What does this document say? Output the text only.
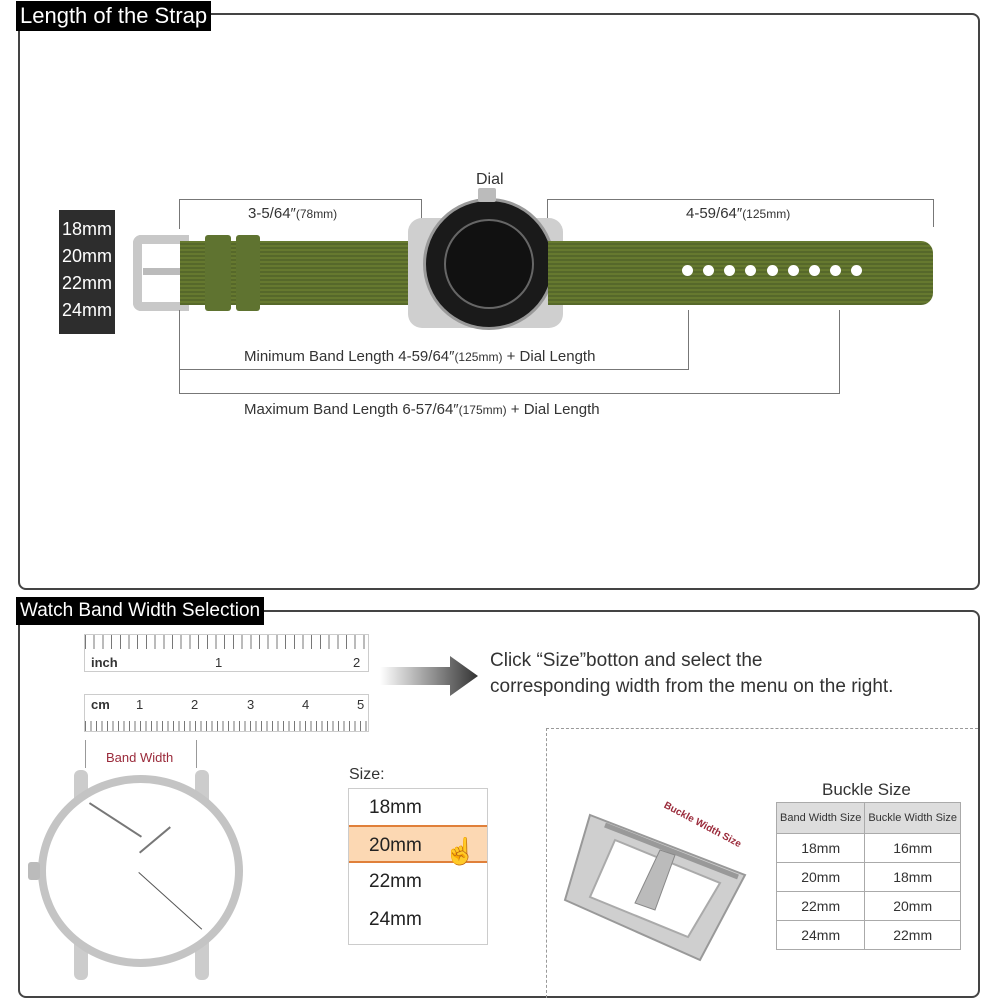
Length of the Strap
Dial
3-5/64″(78mm)	4-59/64″(125mm)
18mm
20mm
22mm
24mm
Minimum Band Length 4-59/64″(125mm) + Dial Length
Maximum Band Length 6-57/64″(175mm) + Dial Length
Watch Band Width Selection
inch	1	2
cm 1	2	3	4	5
Click “Size”botton and select the
corresponding width from the menu on the right.
Band Width
Size:
18mm
20mm
22mm
24mm
☝
Buckle Width Size
Buckle Size
Band Width Size	Buckle Width Size
18mm	16mm
20mm	18mm
22mm	20mm
24mm	22mm
